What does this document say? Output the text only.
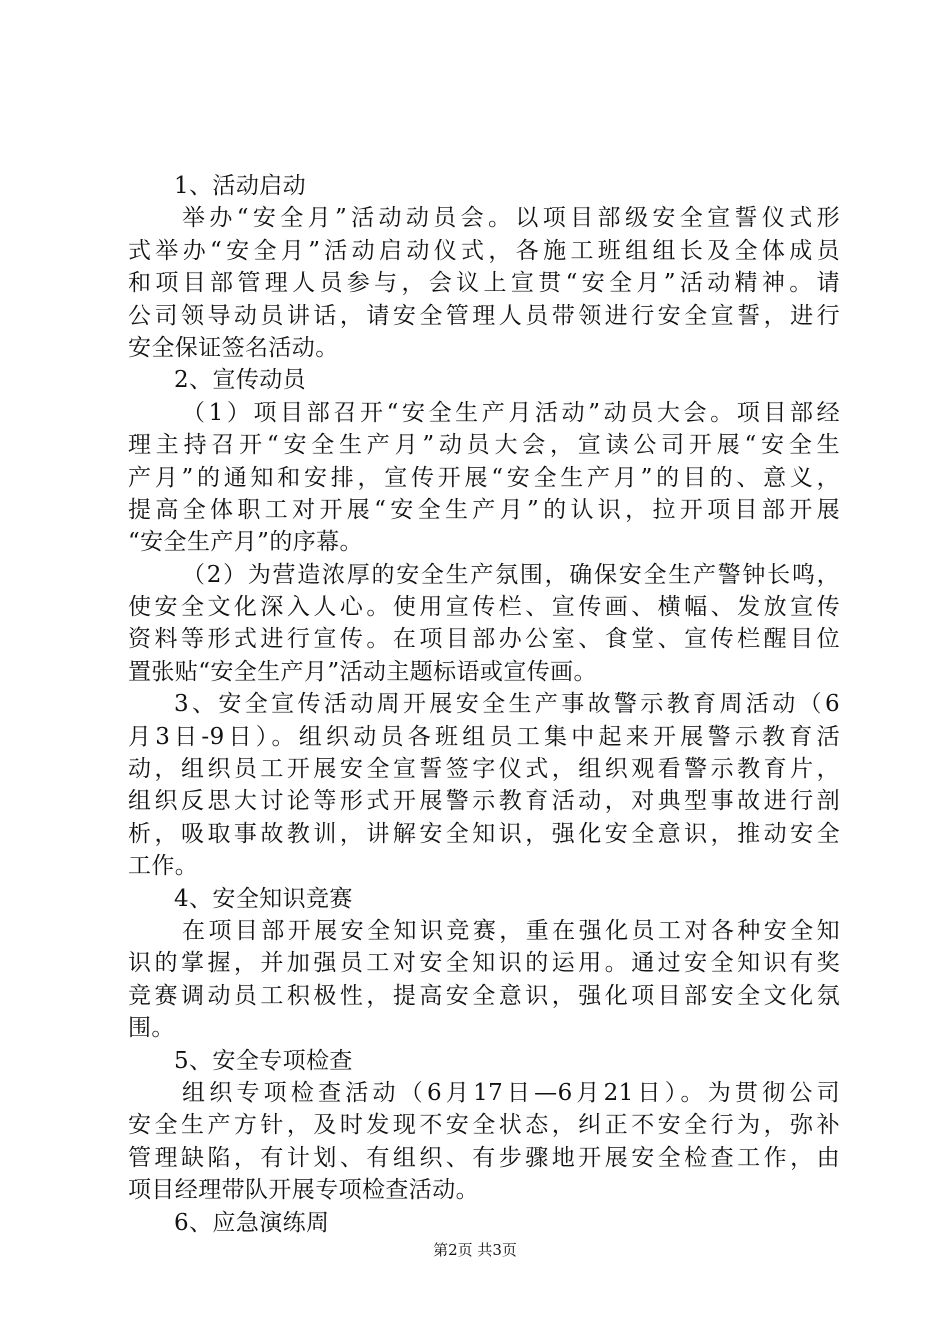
1、活动启动
举办“安全月”活动动员会。以项目部级安全宣誓仪式形
式举办“安全月”活动启动仪式，各施工班组组长及全体成员
和项目部管理人员参与，会议上宣贯“安全月”活动精神。请
公司领导动员讲话，请安全管理人员带领进行安全宣誓，进行
安全保证签名活动。
2、宣传动员
（1）项目部召开“安全生产月活动”动员大会。项目部经
理主持召开“安全生产月”动员大会，宣读公司开展“安全生
产月”的通知和安排，宣传开展“安全生产月”的目的、意义，
提高全体职工对开展“安全生产月”的认识，拉开项目部开展
“安全生产月”的序幕。
（2）为营造浓厚的安全生产氛围，确保安全生产警钟长鸣，
使安全文化深入人心。使用宣传栏、宣传画、横幅、发放宣传
资料等形式进行宣传。在项目部办公室、食堂、宣传栏醒目位
置张贴“安全生产月”活动主题标语或宣传画。
3、安全宣传活动周开展安全生产事故警示教育周活动（6
月3日-9日）。组织动员各班组员工集中起来开展警示教育活
动，组织员工开展安全宣誓签字仪式，组织观看警示教育片，
组织反思大讨论等形式开展警示教育活动，对典型事故进行剖
析，吸取事故教训，讲解安全知识，强化安全意识，推动安全
工作。
4、安全知识竞赛
在项目部开展安全知识竞赛，重在强化员工对各种安全知
识的掌握，并加强员工对安全知识的运用。通过安全知识有奖
竞赛调动员工积极性，提高安全意识，强化项目部安全文化氛
围。
5、安全专项检查
组织专项检查活动（6月17日—6月21日）。为贯彻公司
安全生产方针，及时发现不安全状态，纠正不安全行为，弥补
管理缺陷，有计划、有组织、有步骤地开展安全检查工作，由
项目经理带队开展专项检查活动。
6、应急演练周
第2页 共3页
